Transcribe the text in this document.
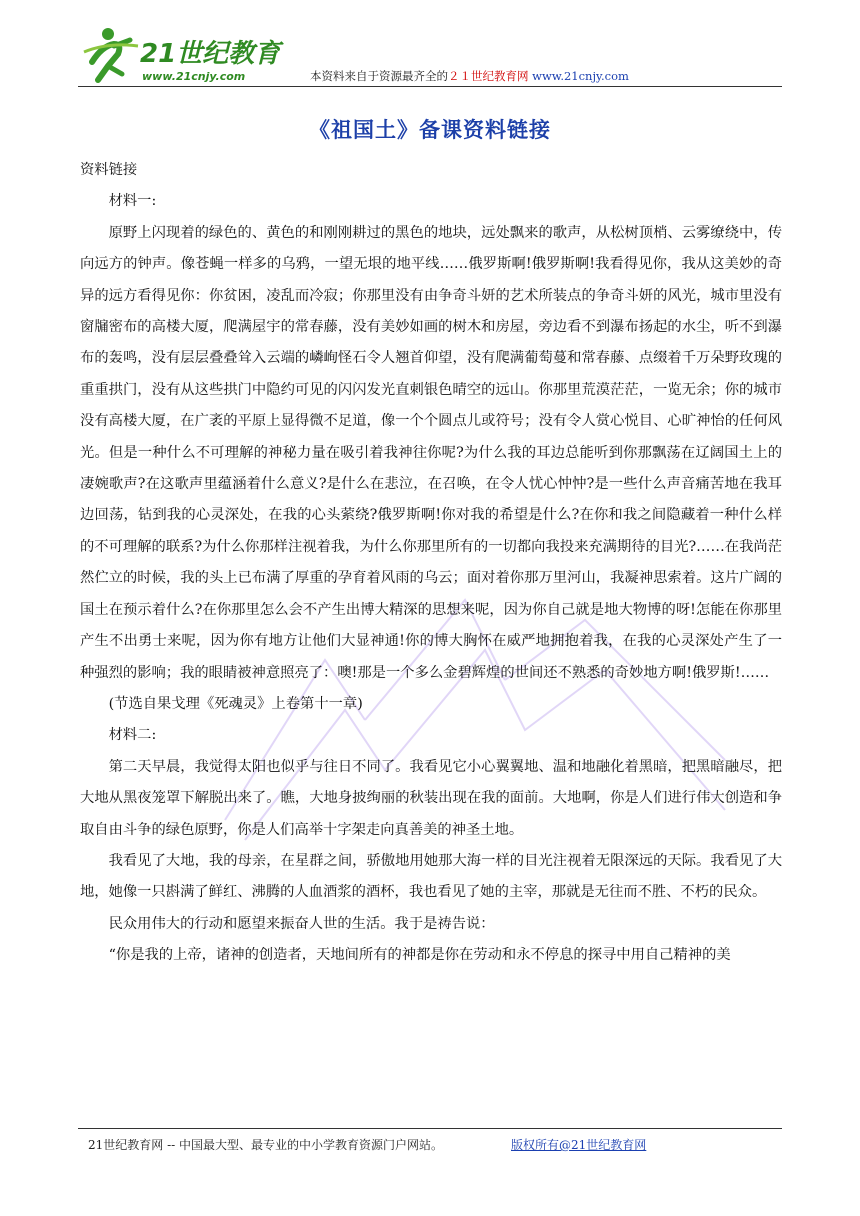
21世纪教育
www.21cnjy.com	本资料来自于资源最齐全的２１世纪教育网 www.21cnjy.com
《祖国土》备课资料链接

资料链接

材料一:

原野上闪现着的绿色的、黄色的和刚刚耕过的黑色的地块，远处飘来的歌声，从松树顶梢、云雾缭绕中，传向远方的钟声。像苍蝇一样多的乌鸦，一望无垠的地平线……俄罗斯啊!俄罗斯啊!我看得见你，我从这美妙的奇异的远方看得见你：你贫困，凌乱而冷寂；你那里没有由争奇斗妍的艺术所装点的争奇斗妍的风光，城市里没有窗牖密布的高楼大厦，爬满屋宇的常春藤，没有美妙如画的树木和房屋，旁边看不到瀑布扬起的水尘，听不到瀑布的轰鸣，没有层层叠叠耸入云端的嶙峋怪石令人翘首仰望，没有爬满葡萄蔓和常春藤、点缀着千万朵野玫瑰的重重拱门，没有从这些拱门中隐约可见的闪闪发光直刺银色晴空的远山。你那里荒漠茫茫，一览无余；你的城市没有高楼大厦，在广袤的平原上显得微不足道，像一个个圆点儿或符号；没有令人赏心悦目、心旷神怡的任何风光。但是一种什么不可理解的神秘力量在吸引着我神往你呢?为什么我的耳边总能听到你那飘荡在辽阔国土上的凄婉歌声?在这歌声里蕴涵着什么意义?是什么在悲泣，在召唤，在令人忧心忡忡?是一些什么声音痛苦地在我耳边回荡，钻到我的心灵深处，在我的心头萦绕?俄罗斯啊!你对我的希望是什么?在你和我之间隐藏着一种什么样的不可理解的联系?为什么你那样注视着我，为什么你那里所有的一切都向我投来充满期待的目光?……在我尚茫然伫立的时候，我的头上已布满了厚重的孕育着风雨的乌云；面对着你那万里河山，我凝神思索着。这片广阔的国土在预示着什么?在你那里怎么会不产生出博大精深的思想来呢，因为你自己就是地大物博的呀!怎能在你那里产生不出勇士来呢，因为你有地方让他们大显神通!你的博大胸怀在威严地拥抱着我，在我的心灵深处产生了一种强烈的影响；我的眼睛被神意照亮了：噢!那是一个多么金碧辉煌的世间还不熟悉的奇妙地方啊!俄罗斯!……

(节选自果戈理《死魂灵》上卷第十一章)

材料二:

第二天早晨，我觉得太阳也似乎与往日不同了。我看见它小心翼翼地、温和地融化着黑暗，把黑暗融尽，把大地从黑夜笼罩下解脱出来了。瞧，大地身披绚丽的秋装出现在我的面前。大地啊，你是人们进行伟大创造和争取自由斗争的绿色原野，你是人们高举十字架走向真善美的神圣土地。

我看见了大地，我的母亲，在星群之间，骄傲地用她那大海一样的目光注视着无限深远的天际。我看见了大地，她像一只斟满了鲜红、沸腾的人血酒浆的酒杯，我也看见了她的主宰，那就是无往而不胜、不朽的民众。

民众用伟大的行动和愿望来振奋人世的生活。我于是祷告说：

“你是我的上帝，诸神的创造者，天地间所有的神都是你在劳动和永不停息的探寻中用自己精神的美

21世纪教育网 -- 中国最大型、最专业的中小学教育资源门户网站。	版权所有@21世纪教育网
